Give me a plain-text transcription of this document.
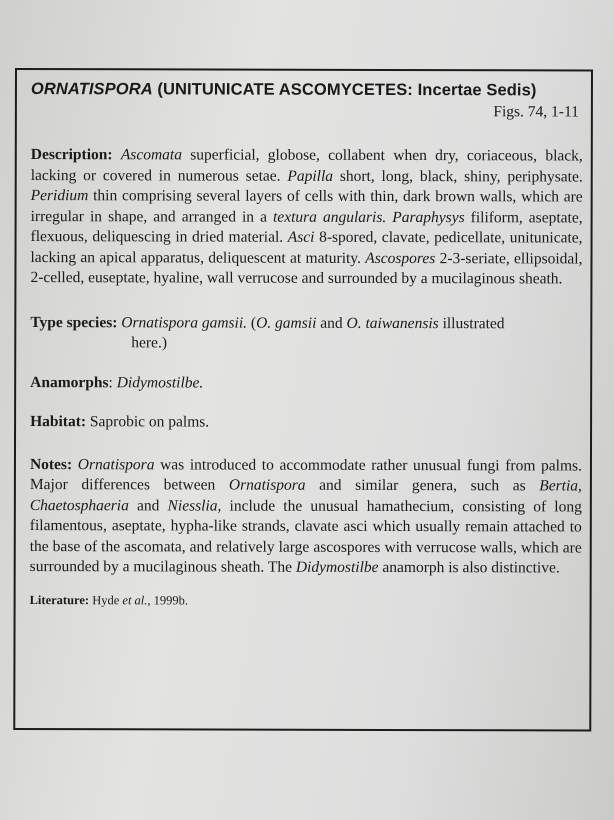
ORNATISPORA (UNITUNICATE ASCOMYCETES: Incertae Sedis)

Figs. 74, 1-11

Description: Ascomata superficial, globose, collabent when dry, coriaceous, black, lacking or covered in numerous setae. Papilla short, long, black, shiny, periphysate. Peridium thin comprising several layers of cells with thin, dark brown walls, which are irregular in shape, and arranged in a textura angularis. Paraphysys filiform, aseptate, flexuous, deliquescing in dried material. Asci 8-spored, clavate, pedicellate, unitunicate, lacking an apical apparatus, deliquescent at maturity. Ascospores 2-3-seriate, ellipsoidal, 2-celled, euseptate, hyaline, wall verrucose and surrounded by a mucilaginous sheath.

Type species: Ornatispora gamsii. (O. gamsii and O. taiwanensis illustrated
here.)

Anamorphs: Didymostilbe.

Habitat: Saprobic on palms.

Notes: Ornatispora was introduced to accommodate rather unusual fungi from palms. Major differences between Ornatispora and similar genera, such as Bertia, Chaetosphaeria and Niesslia, include the unusual hamathecium, consisting of long filamentous, aseptate, hypha-like strands, clavate asci which usually remain attached to the base of the ascomata, and relatively large ascospores with verrucose walls, which are surrounded by a mucilaginous sheath. The Didymostilbe anamorph is also distinctive.

Literature: Hyde et al., 1999b.
